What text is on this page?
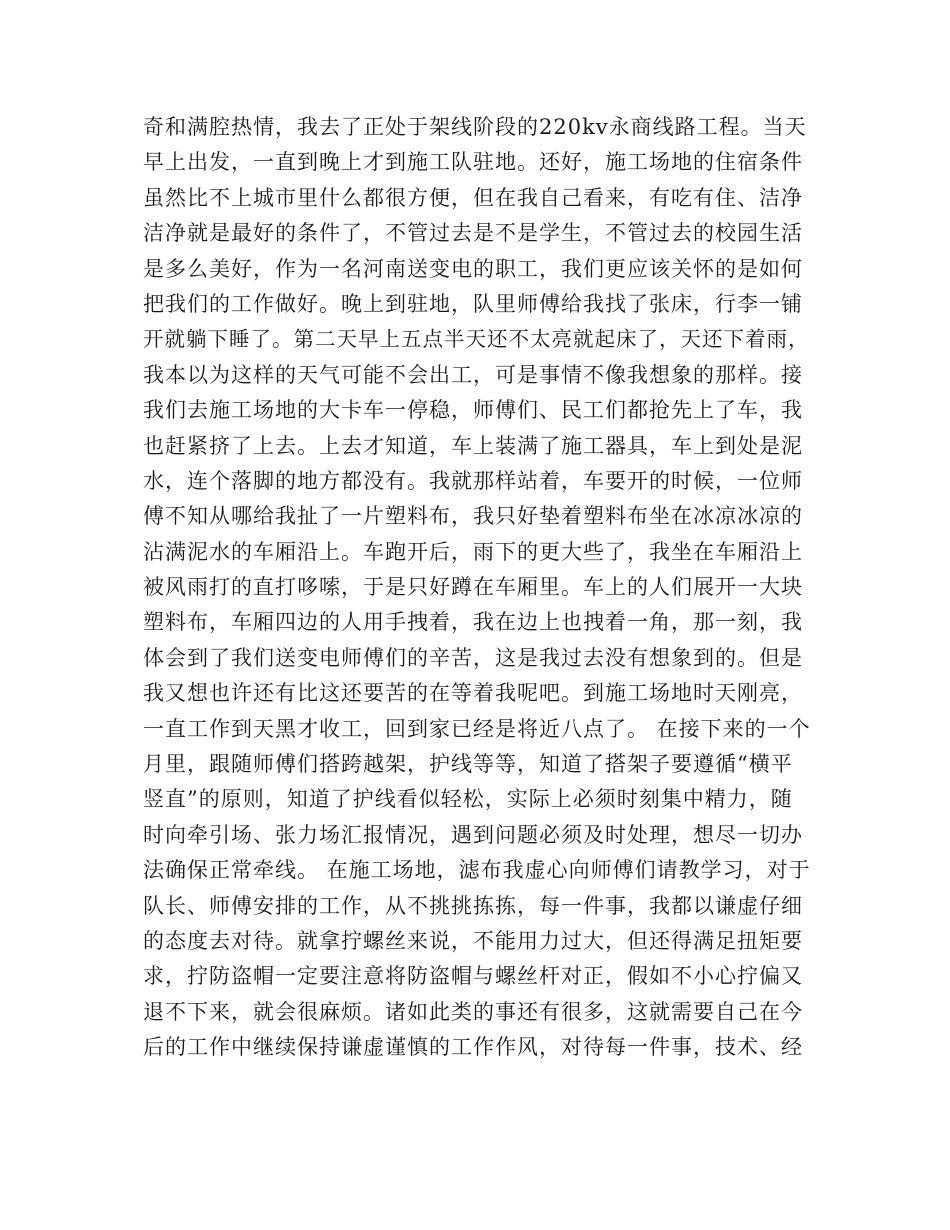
奇和满腔热情，我去了正处于架线阶段的220kv永商线路工程。当天
早上出发，一直到晚上才到施工队驻地。还好，施工场地的住宿条件
虽然比不上城市里什么都很方便，但在我自己看来，有吃有住、洁净
洁净就是最好的条件了，不管过去是不是学生，不管过去的校园生活
是多么美好，作为一名河南送变电的职工，我们更应该关怀的是如何
把我们的工作做好。晚上到驻地，队里师傅给我找了张床，行李一铺
开就躺下睡了。第二天早上五点半天还不太亮就起床了，天还下着雨，
我本以为这样的天气可能不会出工，可是事情不像我想象的那样。接
我们去施工场地的大卡车一停稳，师傅们、民工们都抢先上了车，我
也赶紧挤了上去。上去才知道，车上装满了施工器具，车上到处是泥
水，连个落脚的地方都没有。我就那样站着，车要开的时候，一位师
傅不知从哪给我扯了一片塑料布，我只好垫着塑料布坐在冰凉冰凉的
沾满泥水的车厢沿上。车跑开后，雨下的更大些了，我坐在车厢沿上
被风雨打的直打哆嗦，于是只好蹲在车厢里。车上的人们展开一大块
塑料布，车厢四边的人用手拽着，我在边上也拽着一角，那一刻，我
体会到了我们送变电师傅们的辛苦，这是我过去没有想象到的。但是
我又想也许还有比这还要苦的在等着我呢吧。到施工场地时天刚亮，
一直工作到天黑才收工，回到家已经是将近八点了。 在接下来的一个
月里，跟随师傅们搭跨越架，护线等等，知道了搭架子要遵循“横平
竖直”的原则，知道了护线看似轻松，实际上必须时刻集中精力，随
时向牵引场、张力场汇报情况，遇到问题必须及时处理，想尽一切办
法确保正常牵线。 在施工场地，滤布我虚心向师傅们请教学习，对于
队长、师傅安排的工作，从不挑挑拣拣，每一件事，我都以谦虚仔细
的态度去对待。就拿拧螺丝来说，不能用力过大，但还得满足扭矩要
求，拧防盗帽一定要注意将防盗帽与螺丝杆对正，假如不小心拧偏又
退不下来，就会很麻烦。诸如此类的事还有很多，这就需要自己在今
后的工作中继续保持谦虚谨慎的工作作风，对待每一件事，技术、经
